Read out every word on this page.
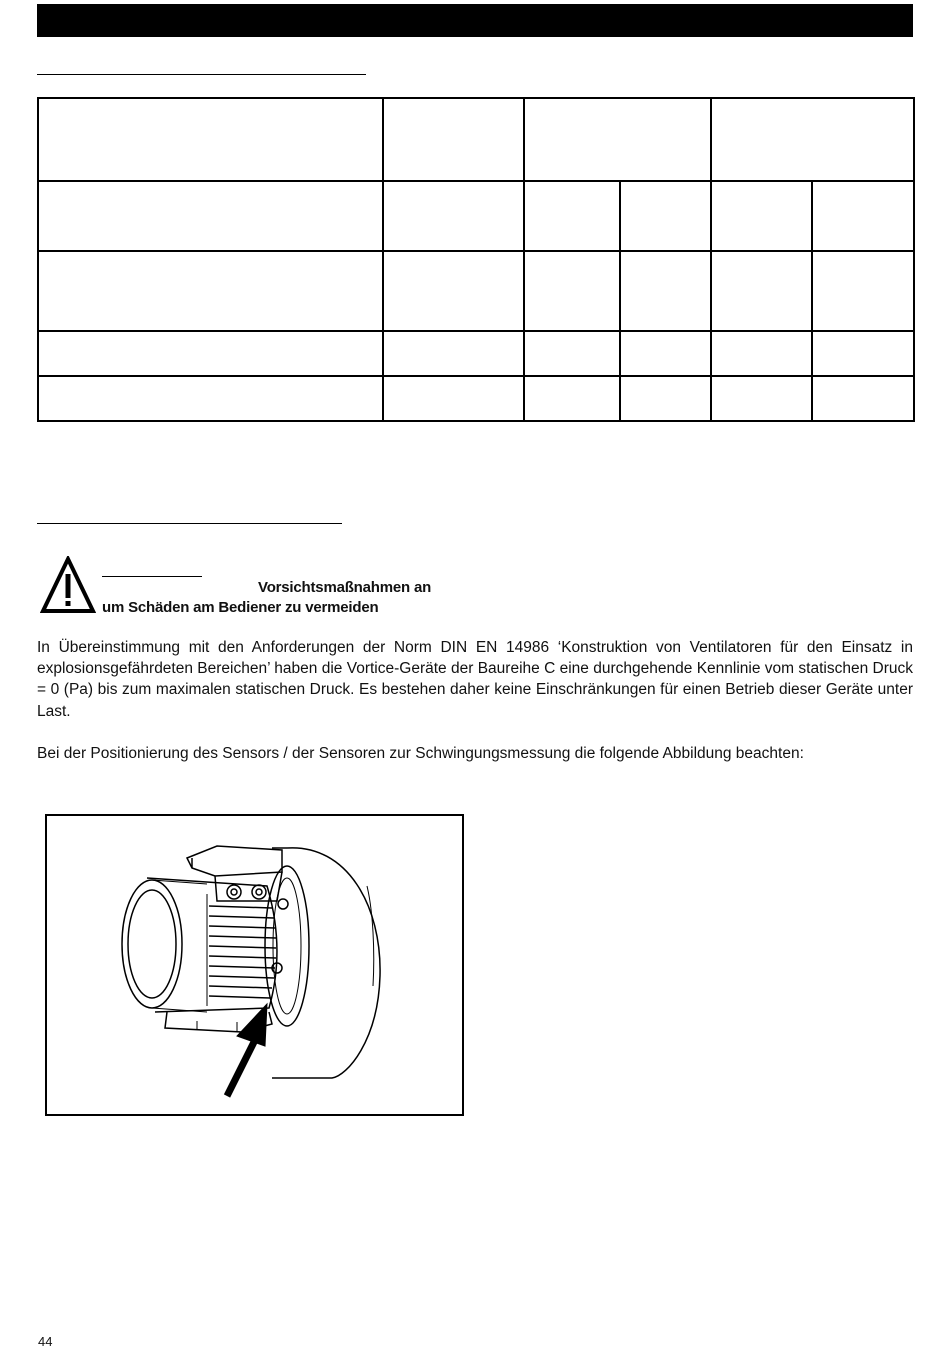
Vorsichtsmaßnahmen an
um Schäden am Bediener zu vermeiden

In Übereinstimmung mit den Anforderungen der Norm DIN EN 14986 ‘Konstruktion von Ventilatoren für den Einsatz in explosionsgefährdeten Bereichen’ haben die Vortice-Geräte der Baureihe C eine durchgehende Kennlinie vom statischen Druck = 0 (Pa) bis zum maximalen statischen Druck. Es bestehen daher keine Einschränkungen für einen Betrieb dieser Geräte unter Last.

Bei der Positionierung des Sensors / der Sensoren zur Schwingungsmessung die folgende Abbildung beachten:

44
